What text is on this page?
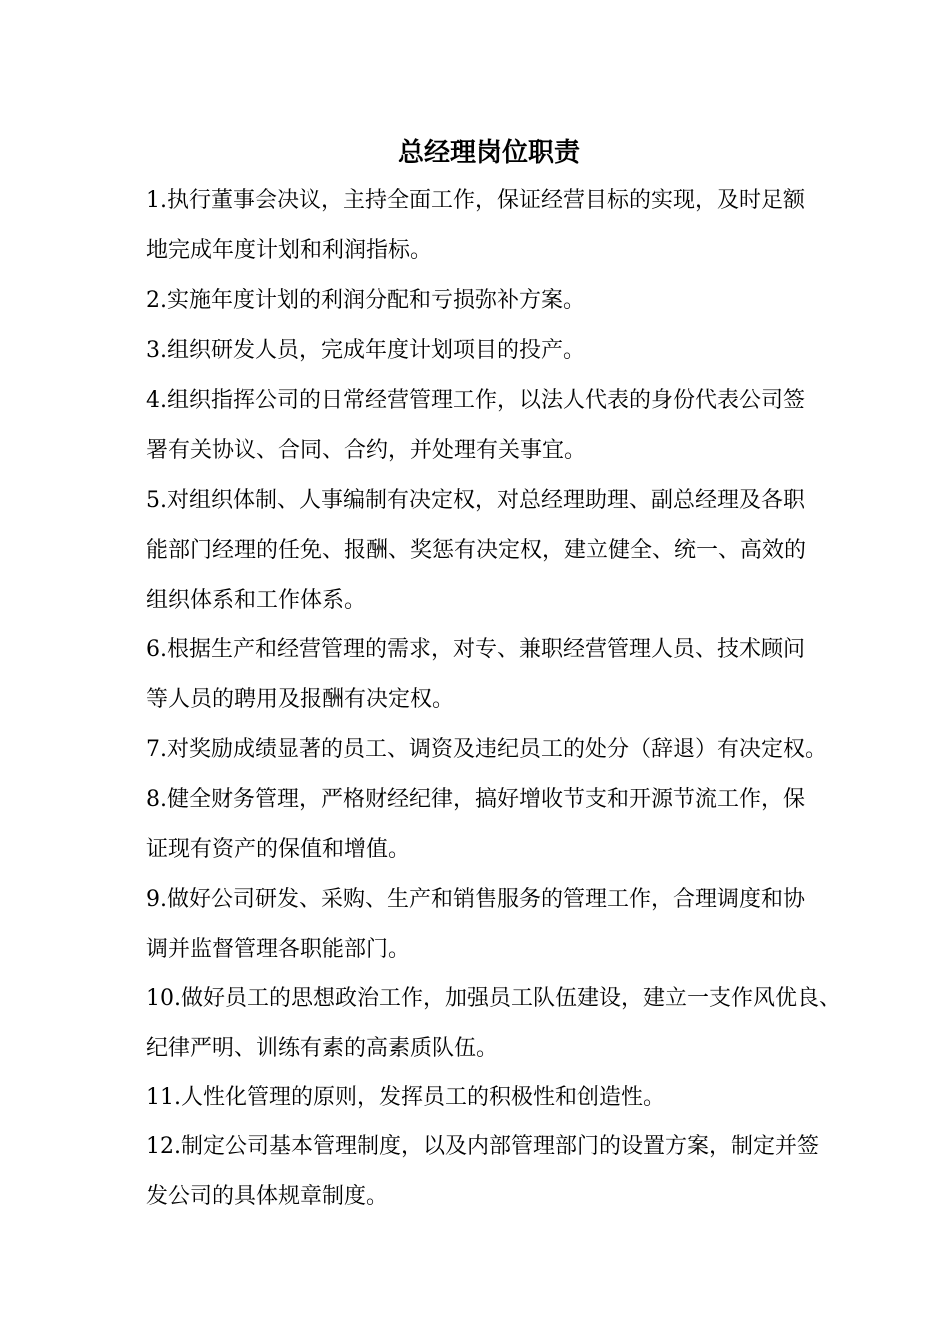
总经理岗位职责
1.执行董事会决议，主持全面工作，保证经营目标的实现，及时足额
地完成年度计划和利润指标。
2.实施年度计划的利润分配和亏损弥补方案。
3.组织研发人员，完成年度计划项目的投产。
4.组织指挥公司的日常经营管理工作，以法人代表的身份代表公司签
署有关协议、合同、合约，并处理有关事宜。
5.对组织体制、人事编制有决定权，对总经理助理、副总经理及各职
能部门经理的任免、报酬、奖惩有决定权，建立健全、统一、高效的
组织体系和工作体系。
6.根据生产和经营管理的需求，对专、兼职经营管理人员、技术顾问
等人员的聘用及报酬有决定权。
7.对奖励成绩显著的员工、调资及违纪员工的处分（辞退）有决定权。
8.健全财务管理，严格财经纪律，搞好增收节支和开源节流工作，保
证现有资产的保值和增值。
9.做好公司研发、采购、生产和销售服务的管理工作，合理调度和协
调并监督管理各职能部门。
10.做好员工的思想政治工作，加强员工队伍建设，建立一支作风优良、
纪律严明、训练有素的高素质队伍。
11.人性化管理的原则，发挥员工的积极性和创造性。
12.制定公司基本管理制度，以及内部管理部门的设置方案，制定并签
发公司的具体规章制度。
